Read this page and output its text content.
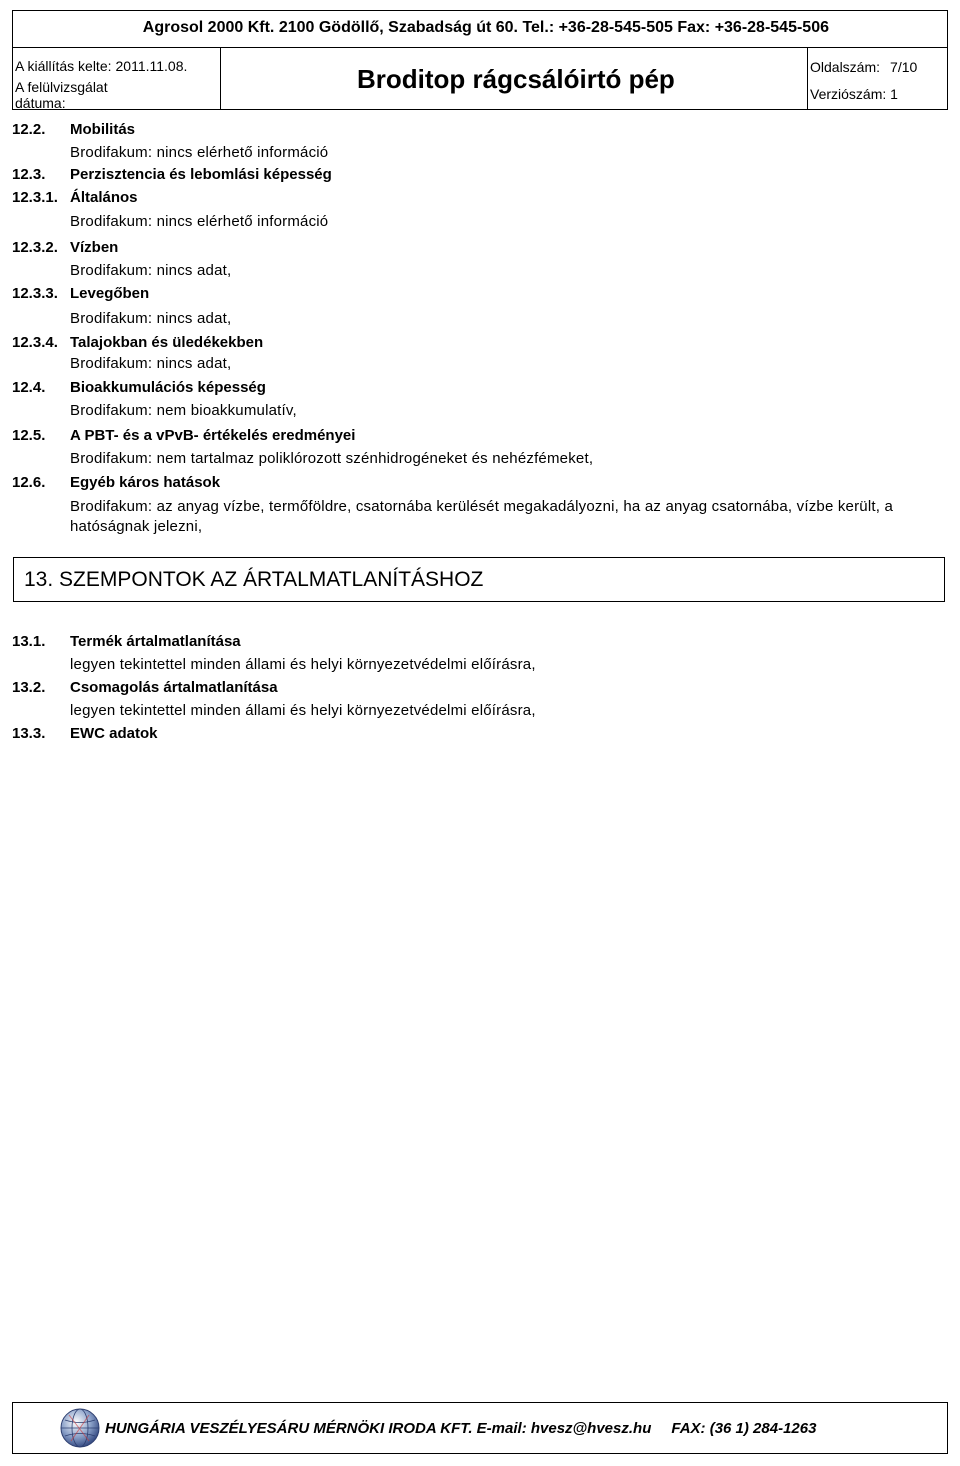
Agrosol 2000 Kft. 2100 Gödöllő, Szabadság út 60. Tel.: +36-28-545-505 Fax: +36-28-545-506
A kiállítás kelte: 2011.11.08.
A felülvizsgálat
dátuma:
Broditop rágcsálóirtó pép	Oldalszám: 7/10
Verziószám: 1
12.2.	Mobilitás
Brodifakum: nincs elérhető információ
12.3.	Perzisztencia és lebomlási képesség
12.3.1. Általános
Brodifakum: nincs elérhető információ
12.3.2. Vízben
Brodifakum: nincs adat,
12.3.3. Levegőben
Brodifakum: nincs adat,
12.3.4. Talajokban és üledékekben
Brodifakum: nincs adat,
12.4.	Bioakkumulációs képesség
Brodifakum: nem bioakkumulatív,
12.5.	A PBT- és a vPvB- értékelés eredményei
Brodifakum: nem tartalmaz poliklórozott szénhidrogéneket és nehézfémeket,
12.6.	Egyéb káros hatások
Brodifakum: az anyag vízbe, termőföldre, csatornába kerülését megakadályozni, ha az anyag csatornába, vízbe került, a hatóságnak jelezni,
13. SZEMPONTOK AZ ÁRTALMATLANÍTÁSHOZ
13.1.	Termék ártalmatlanítása
legyen tekintettel minden állami és helyi környezetvédelmi előírásra,
13.2.	Csomagolás ártalmatlanítása
legyen tekintettel minden állami és helyi környezetvédelmi előírásra,
13.3.	EWC adatok
HUNGÁRIA VESZÉLYESÁRU MÉRNÖKI IRODA KFT. E-mail: hvesz@hvesz.hu FAX: (36 1) 284-1263
